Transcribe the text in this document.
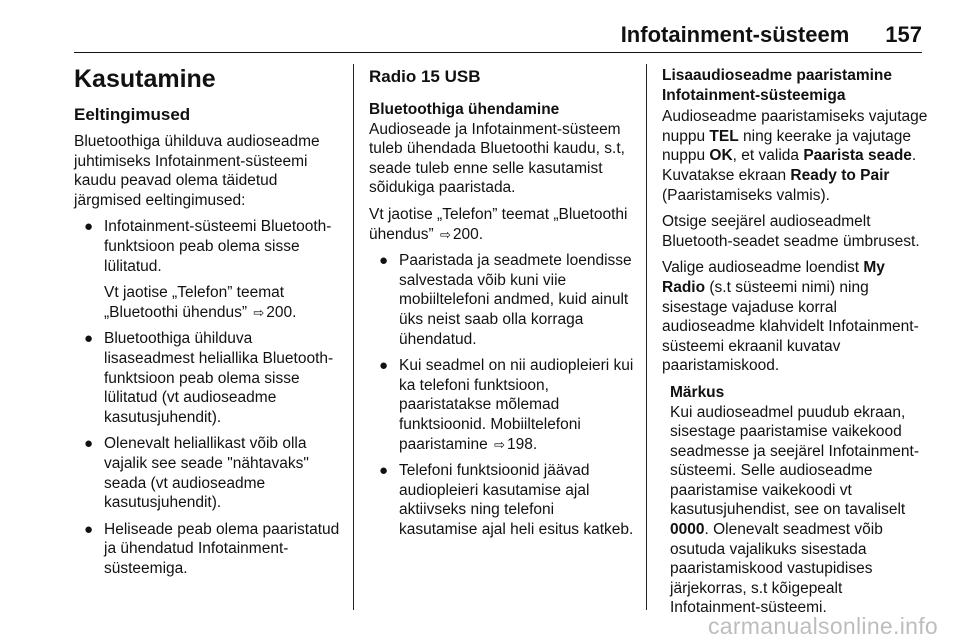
Infotainment-süsteem 157
Kasutamine
Eeltingimused

Bluetoothiga ühilduva audioseadme juhtimiseks Infotainment-süsteemi kaudu peavad olema täidetud järgmised eeltingimused:

● Infotainment-süsteemi Bluetooth-funktsioon peab olema sisse lülitatud.
Vt jaotise „Telefon” teemat „Bluetoothi ühendus” ⇨ 200.
● Bluetoothiga ühilduva lisaseadmest heliallika Bluetooth-funktsioon peab olema sisse lülitatud (vt audioseadme kasutusjuhendit).
● Olenevalt heliallikast võib olla vajalik see seade "nähtavaks" seada (vt audioseadme kasutusjuhendit).
● Heliseade peab olema paaristatud ja ühendatud Infotainment-süsteemiga.
Radio 15 USB
Bluetoothiga ühendamine

Audioseade ja Infotainment-süsteem tuleb ühendada Bluetoothi kaudu, s.t, seade tuleb enne selle kasutamist sõidukiga paaristada.

Vt jaotise „Telefon” teemat „Bluetoothi ühendus” ⇨ 200.

● Paaristada ja seadmete loendisse salvestada võib kuni viie mobiiltelefoni andmed, kuid ainult üks neist saab olla korraga ühendatud.
● Kui seadmel on nii audiopleieri kui ka telefoni funktsioon, paaristatakse mõlemad funktsioonid. Mobiiltelefoni paaristamine ⇨ 198.
● Telefoni funktsioonid jäävad audiopleieri kasutamise ajal aktiivseks ning telefoni kasutamise ajal heli esitus katkeb.
Lisaaudioseadme paaristamine Infotainment-süsteemiga

Audioseadme paaristamiseks vajutage nuppu TEL ning keerake ja vajutage nuppu OK, et valida Paarista seade. Kuvatakse ekraan Ready to Pair (Paaristamiseks valmis).

Otsige seejärel audioseadmelt Bluetooth-seadet seadme ümbrusest.

Valige audioseadme loendist My Radio (s.t süsteemi nimi) ning sisestage vajaduse korral audioseadme klahvidelt Infotainment-süsteemi ekraanil kuvatav paaristamiskood.

Märkus

Kui audioseadmel puudub ekraan, sisestage paaristamise vaikekood seadmesse ja seejärel Infotainment-süsteemi. Selle audioseadme paaristamise vaikekoodi vt kasutusjuhendist, see on tavaliselt 0000. Olenevalt seadmest võib osutuda vajalikuks sisestada paaristamiskood vastupidises järjekorras, s.t kõigepealt Infotainment-süsteemi.

carmanualsonline.info
